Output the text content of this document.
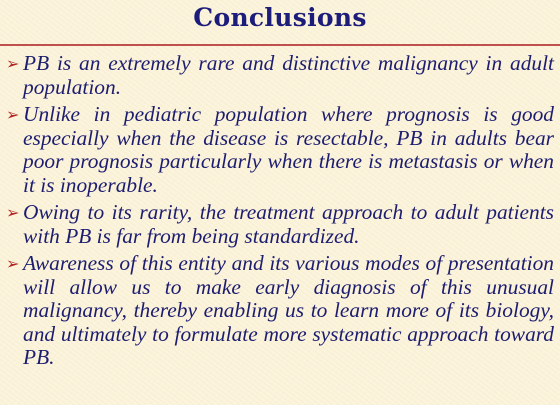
Conclusions
➢ PB is an extremely rare and distinctive malignancy in adult population.
➢ Unlike in pediatric population where prognosis is good especially when the disease is resectable, PB in adults bear poor prognosis particularly when there is metastasis or when it is inoperable.
➢ Owing to its rarity, the treatment approach to adult patients with PB is far from being standardized.
➢ Awareness of this entity and its various modes of presentation will allow us to make early diagnosis of this unusual malignancy, thereby enabling us to learn more of its biology, and ultimately to formulate more systematic approach toward PB.
